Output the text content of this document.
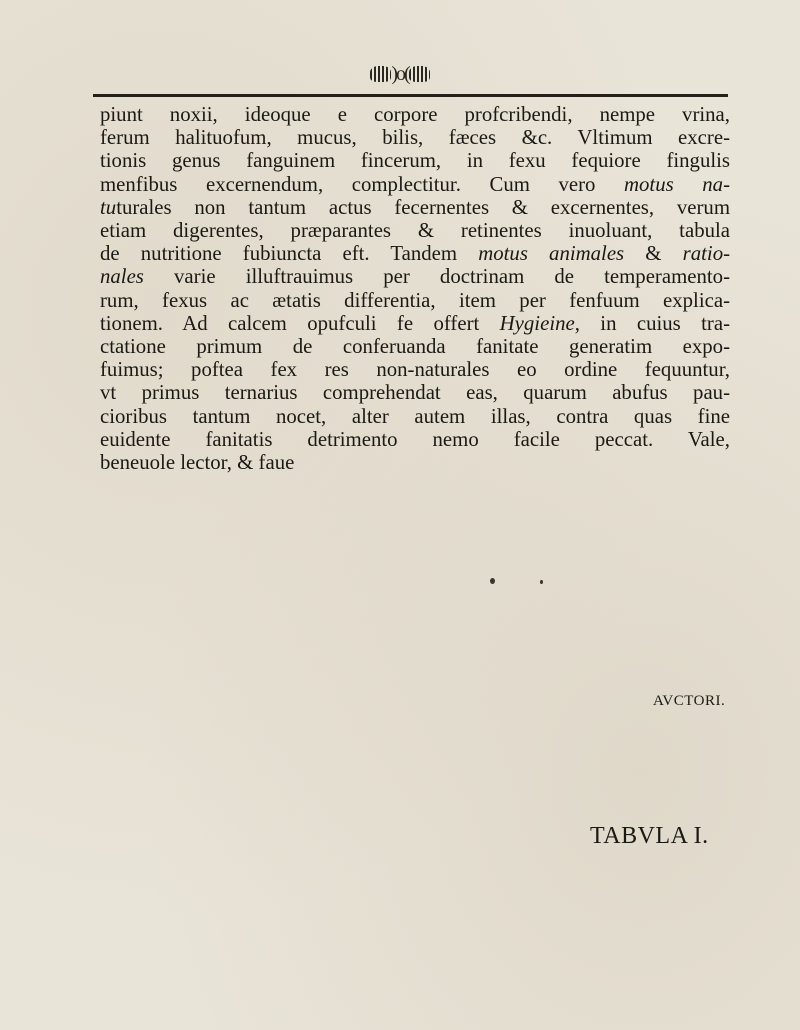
)o(

piunt noxii, ideoque e corpore profcribendi, nempe vrina,
ferum halituofum, mucus, bilis, fæces &c. Vltimum excre-
tionis genus fanguinem fincerum, in fexu fequiore fingulis
menfibus excernendum, complectitur. Cum vero motus na-
tuturales non tantum actus fecernentes & excernentes, verum
etiam digerentes, præparantes & retinentes inuoluant, tabula
de nutritione fubiuncta eft. Tandem motus animales & ratio-
nales varie illuftrauimus per doctrinam de temperamento-
rum, fexus ac ætatis differentia, item per fenfuum explica-
tionem. Ad calcem opufculi fe offert Hygieine, in cuius tra-
ctatione primum de conferuanda fanitate generatim expo-
fuimus; poftea fex res non-naturales eo ordine fequuntur,
vt primus ternarius comprehendat eas, quarum abufus pau-
cioribus tantum nocet, alter autem illas, contra quas fine
euidente fanitatis detrimento nemo facile peccat. Vale,
beneuole lector, & faue

AVCTORI.
TABVLA I.
